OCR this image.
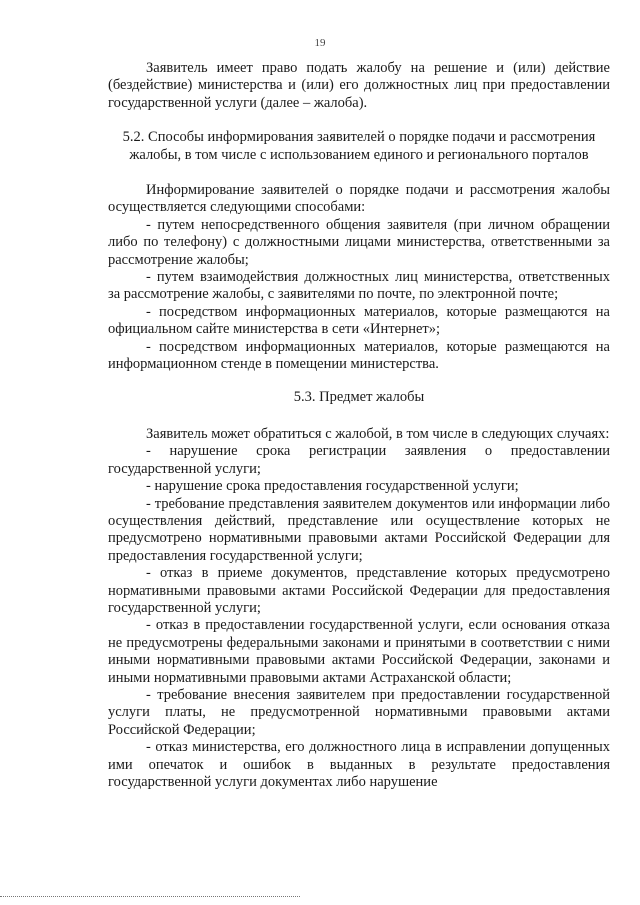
19

Заявитель имеет право подать жалобу на решение и (или) действие (бездействие) министерства и (или) его должностных лиц при предоставлении государственной услуги (далее – жалоба).

5.2. Способы информирования заявителей о порядке подачи и рассмотрения жалобы, в том числе с использованием единого и регионального порталов

Информирование заявителей о порядке подачи и рассмотрения жалобы осуществляется следующими способами:

- путем непосредственного общения заявителя (при личном обращении либо по телефону) с должностными лицами министерства, ответственными за рассмотрение жалобы;

- путем взаимодействия должностных лиц министерства, ответственных за рассмотрение жалобы, с заявителями по почте, по электронной почте;

- посредством информационных материалов, которые размещаются на официальном сайте министерства в сети «Интернет»;

- посредством информационных материалов, которые размещаются на информационном стенде в помещении министерства.

5.3. Предмет жалобы

Заявитель может обратиться с жалобой, в том числе в следующих случаях:

- нарушение срока регистрации заявления о предоставлении государственной услуги;

- нарушение срока предоставления государственной услуги;

- требование представления заявителем документов или информации либо осуществления действий, представление или осуществление которых не предусмотрено нормативными правовыми актами Российской Федерации для предоставления государственной услуги;

- отказ в приеме документов, представление которых предусмотрено нормативными правовыми актами Российской Федерации для предоставления государственной услуги;

- отказ в предоставлении государственной услуги, если основания отказа не предусмотрены федеральными законами и принятыми в соответствии с ними иными нормативными правовыми актами Российской Федерации, законами и иными нормативными правовыми актами Астраханской области;

- требование внесения заявителем при предоставлении государственной услуги платы, не предусмотренной нормативными правовыми актами Российской Федерации;

- отказ министерства, его должностного лица в исправлении допущенных ими опечаток и ошибок в выданных в результате предоставления государственной услуги документах либо нарушение
